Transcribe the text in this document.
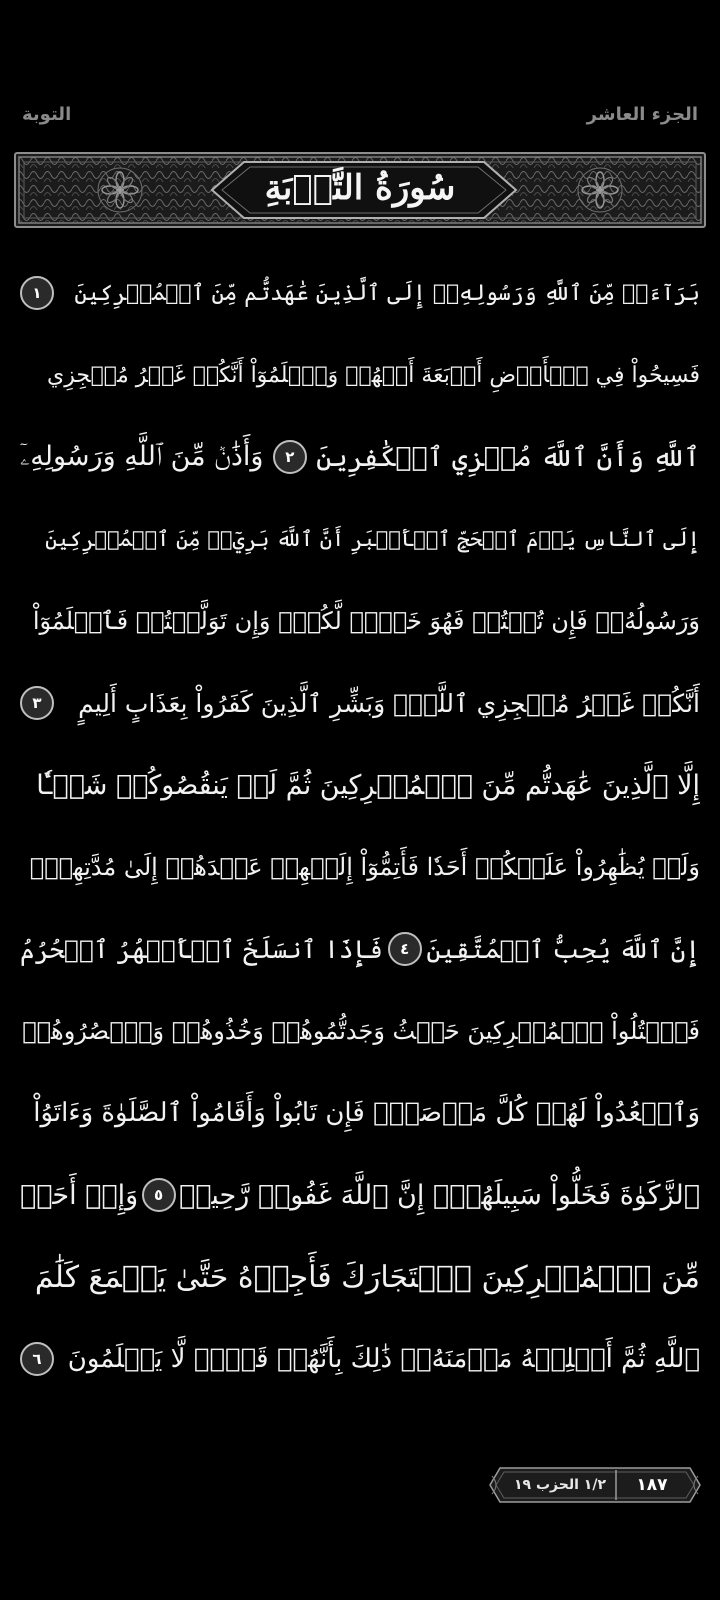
التوبة	الجزء العاشر
سُورَةُ التَّوۡبَةِ
بَرَآءَةٞ مِّنَ ٱللَّهِ وَرَسُولِهِۦٓ إِلَى ٱلَّذِينَ عَٰهَدتُّم مِّنَ ٱلۡمُشۡرِكِينَ
١
فَسِيحُواْ فِي ٱلۡأَرۡضِ أَرۡبَعَةَ أَشۡهُرٖ وَٱعۡلَمُوٓاْ أَنَّكُمۡ غَيۡرُ مُعۡجِزِي
ٱللَّهِ وَأَنَّ ٱللَّهَ مُخۡزِي ٱلۡكَٰفِرِينَ
٢
وَأَذَٰنٞ مِّنَ ٱللَّهِ وَرَسُولِهِۦٓ
إِلَى ٱلنَّاسِ يَوۡمَ ٱلۡحَجِّ ٱلۡأَكۡبَرِ أَنَّ ٱللَّهَ بَرِيٓءٞ مِّنَ ٱلۡمُشۡرِكِينَ
وَرَسُولُهُۥۚ فَإِن تُبۡتُمۡ فَهُوَ خَيۡرٞ لَّكُمۡۖ وَإِن تَوَلَّيۡتُمۡ فَٱعۡلَمُوٓاْ
أَنَّكُمۡ غَيۡرُ مُعۡجِزِي ٱللَّهِۗ وَبَشِّرِ ٱلَّذِينَ كَفَرُواْ بِعَذَابٍ أَلِيمٍ
٣
إِلَّا ٱلَّذِينَ عَٰهَدتُّم مِّنَ ٱلۡمُشۡرِكِينَ ثُمَّ لَمۡ يَنقُصُوكُمۡ شَيۡـٔٗا
وَلَمۡ يُظَٰهِرُواْ عَلَيۡكُمۡ أَحَدٗا فَأَتِمُّوٓاْ إِلَيۡهِمۡ عَهۡدَهُمۡ إِلَىٰ مُدَّتِهِمۡۚ
إِنَّ ٱللَّهَ يُحِبُّ ٱلۡمُتَّقِينَ
٤
فَإِذَا ٱنسَلَخَ ٱلۡأَشۡهُرُ ٱلۡحُرُمُ
فَٱقۡتُلُواْ ٱلۡمُشۡرِكِينَ حَيۡثُ وَجَدتُّمُوهُمۡ وَخُذُوهُمۡ وَٱحۡصُرُوهُمۡ
وَٱقۡعُدُواْ لَهُمۡ كُلَّ مَرۡصَدٖۚ فَإِن تَابُواْ وَأَقَامُواْ ٱلصَّلَوٰةَ وَءَاتَوُاْ
ٱلزَّكَوٰةَ فَخَلُّواْ سَبِيلَهُمۡۚ إِنَّ ٱللَّهَ غَفُورٞ رَّحِيمٞ
٥
وَإِنۡ أَحَدٞ
مِّنَ ٱلۡمُشۡرِكِينَ ٱسۡتَجَارَكَ فَأَجِرۡهُ حَتَّىٰ يَسۡمَعَ كَلَٰمَ
ٱللَّهِ ثُمَّ أَبۡلِغۡهُ مَأۡمَنَهُۥۚ ذَٰلِكَ بِأَنَّهُمۡ قَوۡمٞ لَّا يَعۡلَمُونَ
٦
١/٢ الحزب ١٩	١٨٧
